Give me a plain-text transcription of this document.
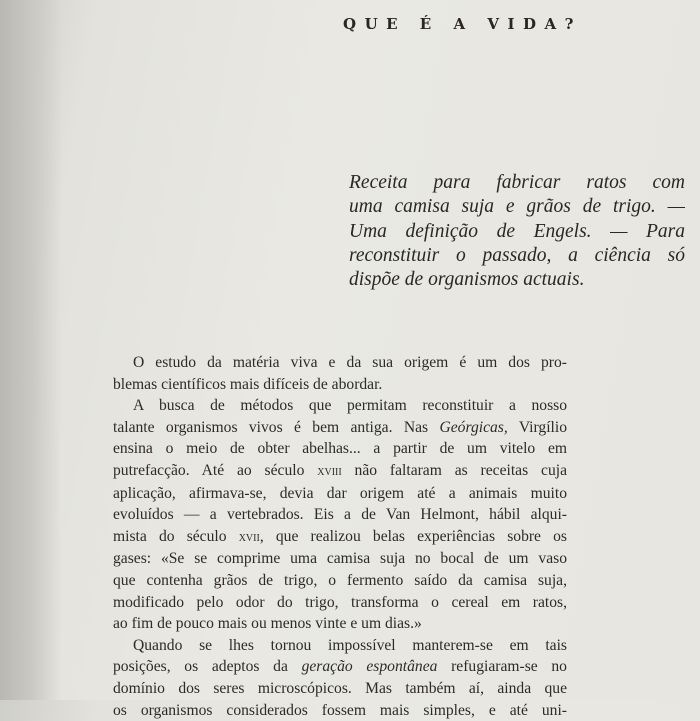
QUE É A VIDA?
Receita para fabricar ratos com
uma camisa suja e grãos de trigo. —
Uma definição de Engels. — Para
reconstituir o passado, a ciência só
dispõe de organismos actuais.
O estudo da matéria viva e da sua origem é um dos pro-
blemas científicos mais difíceis de abordar.
A busca de métodos que permitam reconstituir a nosso
talante organismos vivos é bem antiga. Nas Geórgicas, Virgílio
ensina o meio de obter abelhas... a partir de um vitelo em
putrefacção. Até ao século xviii não faltaram as receitas cuja
aplicação, afirmava-se, devia dar origem até a animais muito
evoluídos — a vertebrados. Eis a de Van Helmont, hábil alqui-
mista do século xvii, que realizou belas experiências sobre os
gases: «Se se comprime uma camisa suja no bocal de um vaso
que contenha grãos de trigo, o fermento saído da camisa suja,
modificado pelo odor do trigo, transforma o cereal em ratos,
ao fim de pouco mais ou menos vinte e um dias.»
Quando se lhes tornou impossível manterem-se em tais
posições, os adeptos da geração espontânea refugiaram-se no
domínio dos seres microscópicos. Mas também aí, ainda que
os organismos considerados fossem mais simples, e até uni-
